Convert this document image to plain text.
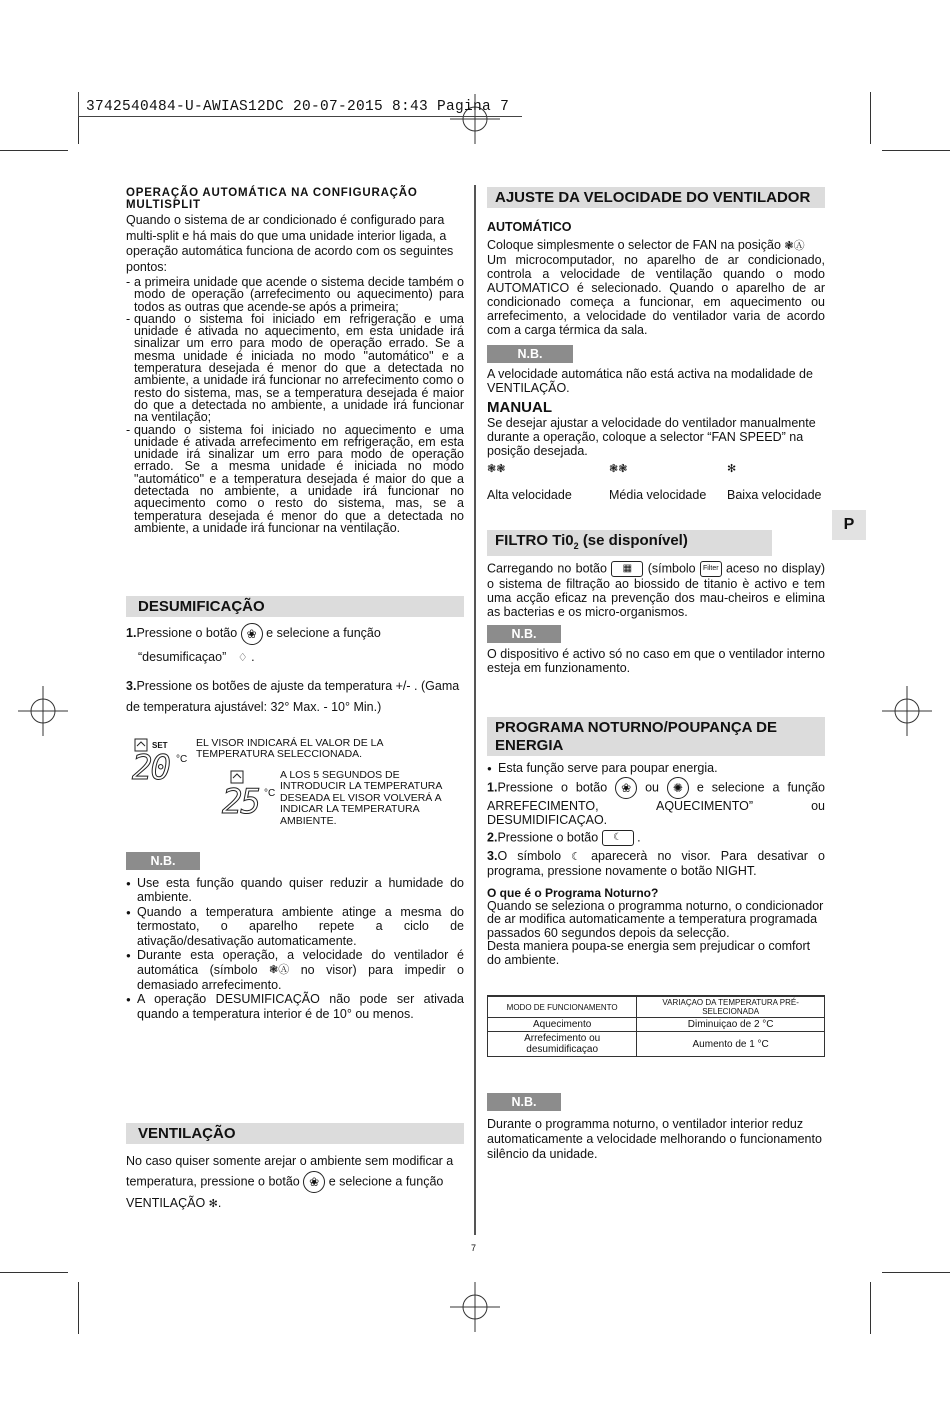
3742540484-U-AWIAS12DC 20-07-2015 8:43 Pagina 7
P
OPERAÇÃO AUTOMÁTICA NA CONFIGURAÇÃO MULTISPLIT
Quando o sistema de ar condicionado é configurado para multi-split e há mais do que uma unidade interior ligada, a operação automática funciona de acordo com os seguintes pontos:
- a primeira unidade que acende o sistema decide também o modo de operação (arrefecimento ou aquecimento) para todos as outras que acende-se após a primeira;
- quando o sistema foi iniciado em refrigeração e uma unidade é ativada no aquecimento, em esta unidade irá sinalizar um erro para modo de operação errado. Se a mesma unidade é iniciada no modo "automático" e a temperatura desejada é menor do que a detectada no ambiente, a unidade irá funcionar no arrefecimento como o resto do sistema, mas, se a temperatura desejada é maior do que a detectada no ambiente, a unidade irá funcionar na ventilação;
- quando o sistema foi iniciado no aquecimento e uma unidade é ativada arrefecimento em refrigeração, em esta unidade irá sinalizar um erro para modo de operação errado. Se a mesma unidade é iniciada no modo "automático" e a temperatura desejada é maior do que a detectada no ambiente, a unidade irá funcionar no aquecimento como o resto do sistema, mas, se a temperatura desejada é menor do que a detectada no ambiente, a unidade irá funcionar na ventilação.
DESUMIFICAÇÃO
1.Pressione o botão ❀ e selecione a função
“desumificaçao” ♢ .
3.Pressione os botões de ajuste da temperatura +/- . (Gama de temperatura ajustável: 32° Max. - 10° Min.)
SET
20 °C
EL VISOR INDICARÁ EL VALOR DE LA TEMPERATURA SELECCIONADA.
25 °C
A LOS 5 SEGUNDOS DE INTRODUCIR LA TEMPERATURA DESEADA EL VISOR VOLVERÁ A INDICAR LA TEMPERATURA AMBIENTE.
N.B.
● Use esta função quando quiser reduzir a humidade do ambiente.
● Quando a temperatura ambiente atinge a mesma do termostato, o aparelho repete a ciclo de ativação/desativação automaticamente.
● Durante esta operação, a velocidade do ventilador é automática (símbolo ❃Ⓐ no visor) para impedir o demasiado arrefecimento.
● A operação DESUMIFICAÇÃO não pode ser ativada quando a temperatura interior é de 10° ou menos.
VENTILAÇÃO
No caso quiser somente arejar o ambiente sem modificar a temperatura, pressione o botão ❀ e selecione a função VENTILAÇÃO ✻.
AJUSTE DA VELOCIDADE DO VENTILADOR
AUTOMÁTICO
Coloque simplesmente o selector de FAN na posição ❃Ⓐ
Um microcomputador, no aparelho de ar condicionado, controla a velocidade de ventilação quando o modo AUTOMATICO é selecionado. Quando o aparelho de ar condicionado começa a funcionar, em aquecimento ou arrefecimento, a velocidade do ventilador varia de acordo com a carga térmica da sala.
N.B.
A velocidade automática não está activa na modalidade de VENTILAÇÃO.
MANUAL
Se desejar ajustar a velocidade do ventilador manualmente durante a operação, coloque a selector “FAN SPEED” na posição desejada.
❃❃	❃❃	✻
Alta velocidade	Média velocidade Baixa velocidade
FILTRO $Ti0_2$ (se disponível)
Carregando no botão ▦ (símbolo Filter aceso no display) o sistema de filtração ao biossido de titanio è activo e tem uma acção eficaz na prevenção dos mau-cheiros e elimina as bacterias e os micro-organismos.
N.B.
O dispositivo é activo só no caso em que o ventilador interno esteja em funzionamento.
PROGRAMA NOTURNO/POUPANÇA DE ENERGIA
● Esta função serve para poupar energia.
1.Pressione o botão ❀ ou ✺ e selecione a função ARREFECIMENTO, AQUECIMENTO” ou DESUMIDIFICAÇAO.
2.Pressione o botão ☾ .
3.O símbolo ☾ aparecerà no visor. Para desativar o programa, pressione novamente o botão NIGHT.
O que é o Programa Noturno?
Quando se seleziona o programma noturno, o condicionador de ar modifica automaticamente a temperatura programada passados 60 segundos depois da selecção.
Desta maniera poupa-se energia sem prejudicar o comfort do ambiente.
MODO DE FUNCIONAMENTO	VARIAÇAO DA TEMPERATURA PRÉ-SELECIONADA
Aquecimento	Diminuiçao de 2 °C
Arrefecimento ou desumidificaçao	Aumento de 1 °C
N.B.
Durante o programma noturno, o ventilador interior reduz automaticamente a velocidade melhorando o funcionamento silêncio da unidade.
7
